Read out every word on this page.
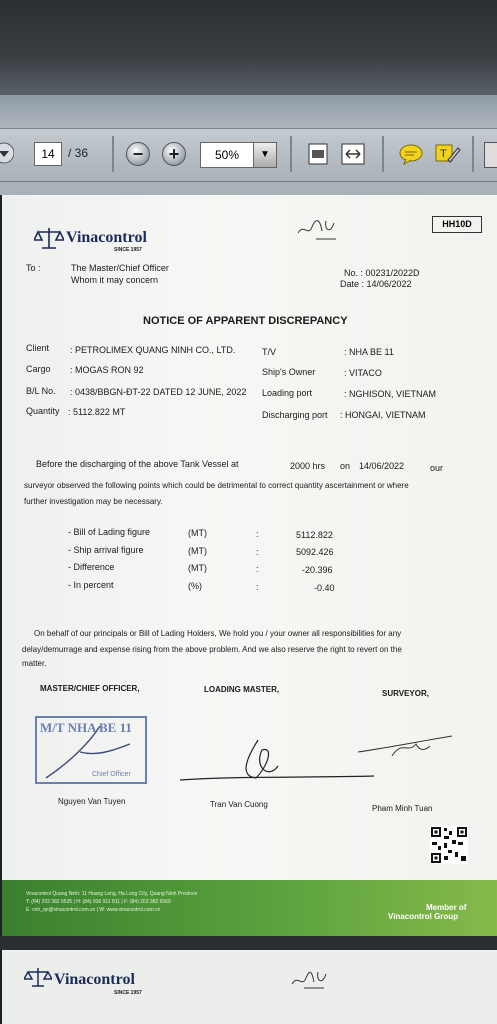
14	/ 36	−	+	50%	▼	T
HH10D
Vinacontrol
SINCE 1957
To :	The Master/Chief Officer
Whom it may concern
No. : 00231/2022D
Date : 14/06/2022
NOTICE OF APPARENT DISCREPANCY
Client : PETROLIMEX QUANG NINH CO., LTD.	T/V	: NHA BE 11
Cargo : MOGAS RON 92	Ship's Owner	: VITACO
B/L No. : 0438/BBGN-ĐT-22 DATED 12 JUNE, 2022 Loading port	: NGHISON, VIETNAM
Quantity : 5112.822 MT	Discharging port : HONGAI, VIETNAM
Before the discharging of the above Tank Vessel at	2000 hrs on 14/06/2022	our
surveyor observed the following points which could be detrimental to correct quantity ascertainment or where
further investigation may be necessary.
- Bill of Lading figure	(MT)	:	5112.822
- Ship arrival figure	(MT)	:	5092.426
- Difference	(MT)	:	-20.396
- In percent	(%)	:	-0.40
On behalf of our principals or Bill of Lading Holders, We hold you / your owner all responsibilities for any
delay/demurrage and expense rising from the above problem. And we also reserve the right to revert on the
matter.
MASTER/CHIEF OFFICER,	LOADING MASTER,	SURVEYOR,
M/T NHA BE 11
Chief Officer
Nguyen Van Tuyen	Tran Van Cuong	Pham Minh Tuan
Vinacontrol Quang Ninh: 11 Hoang Long, Ha Long City, Quang Ninh Province
T: (84) 203 382 6535 | H: (84) 936 911 811 | F: (84) 203 382 6569
E: vnh_qn@vinacontrol.com.vn | W: www.vinacontrol.com.vn	Member of
Vinacontrol Group
Vinacontrol
SINCE 1957
